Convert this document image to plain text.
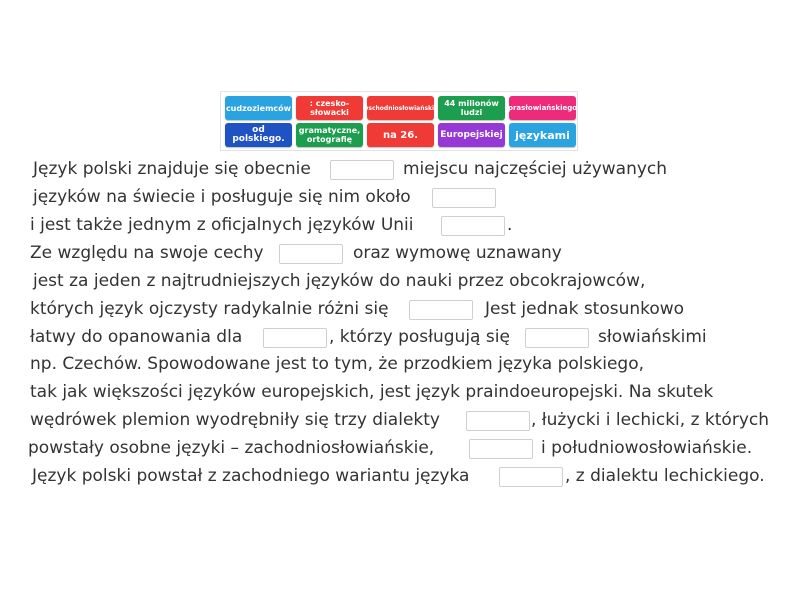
cudzoziemców	: czesko-słowacki	wschodniosłowiańskie 44 milionów ludzi
prasłowiańskiego
od polskiego.
gramatyczne, ortografię	na 26.	Europejskiej	językami
Język polski znajduje się obecnie	miejscu najczęściej używanych
języków na świecie i posługuje się nim około
i jest także jednym z oficjalnych języków Unii	.
Ze względu na swoje cechy	oraz wymowę uznawany
jest za jeden z najtrudniejszych języków do nauki przez obcokrajowców,
których język ojczysty radykalnie różni się	Jest jednak stosunkowo
łatwy do opanowania dla	, którzy posługują się	słowiańskimi
np. Czechów. Spowodowane jest to tym, że przodkiem języka polskiego,
tak jak większości języków europejskich, jest język praindoeuropejski. Na skutek
wędrówek plemion wyodrębniły się trzy dialekty	, łużycki i lechicki, z których
powstały osobne języki – zachodniosłowiańskie,	i południowosłowiańskie.
Język polski powstał z zachodniego wariantu języka	, z dialektu lechickiego.
